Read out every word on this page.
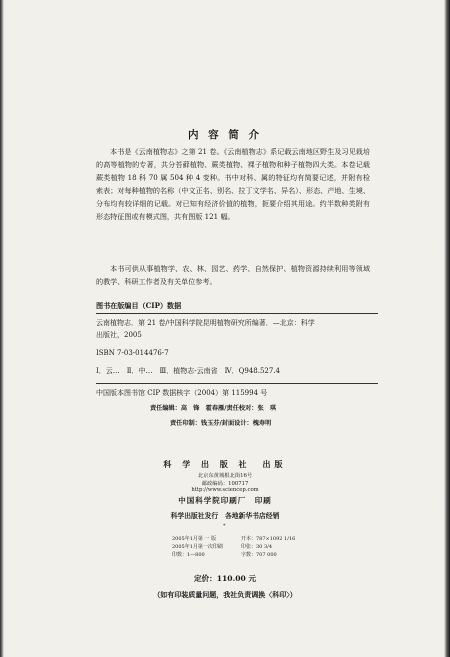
内 容 简 介
本书是《云南植物志》之第 21 卷。《云南植物志》系记载云南地区野生及习见栽培的高等植物的专著，共分苔藓植物、蕨类植物、裸子植物和种子植物四大类。本卷记载蕨类植物 18 科 70 属 504 种 4 变种。书中对科、属的特征均有简要记述，并附有检索表；对每种植物的名称（中文正名、别名、拉丁文学名、异名）、形态、产地、生境、分布均有较详细的记载。对已知有经济价值的植物，扼要介绍其用途。约半数种类附有形态特征图或有模式图，共有图版 121 幅。
本书可供从事植物学、农、林、园艺、药学、自然保护、植物资源持续利用等领域的教学、科研工作者及有关单位参考。
图书在版编目（CIP）数据
云南植物志．第 21 卷/中国科学院昆明植物研究所编著．—北京：科学
出版社，2005
ISBN 7-03-014476-7
Ⅰ．云…　Ⅱ．中…　Ⅲ．植物志-云南省　Ⅳ．Q948.527.4
中国版本图书馆 CIP 数据核字（2004）第 115994 号
责任编辑：高　锋　霍春雁/责任校对：张　琪
责任印制：钱玉芬/封面设计：槐寿明
科 学 出 版 社　出版
北京东黄城根北街16号
邮政编码：100717
http://www.sciencep.com
中国科学院印刷厂　印刷
科学出版社发行　各地新华书店经销
*
2005年1月第 一 版
2005年1月第一次印刷
印数：1—800
开本：787×1092 1/16
印张：30 3/4
字数：707 000
定价：110.00 元
（如有印装质量问题，我社负责调换〈科印〉）
